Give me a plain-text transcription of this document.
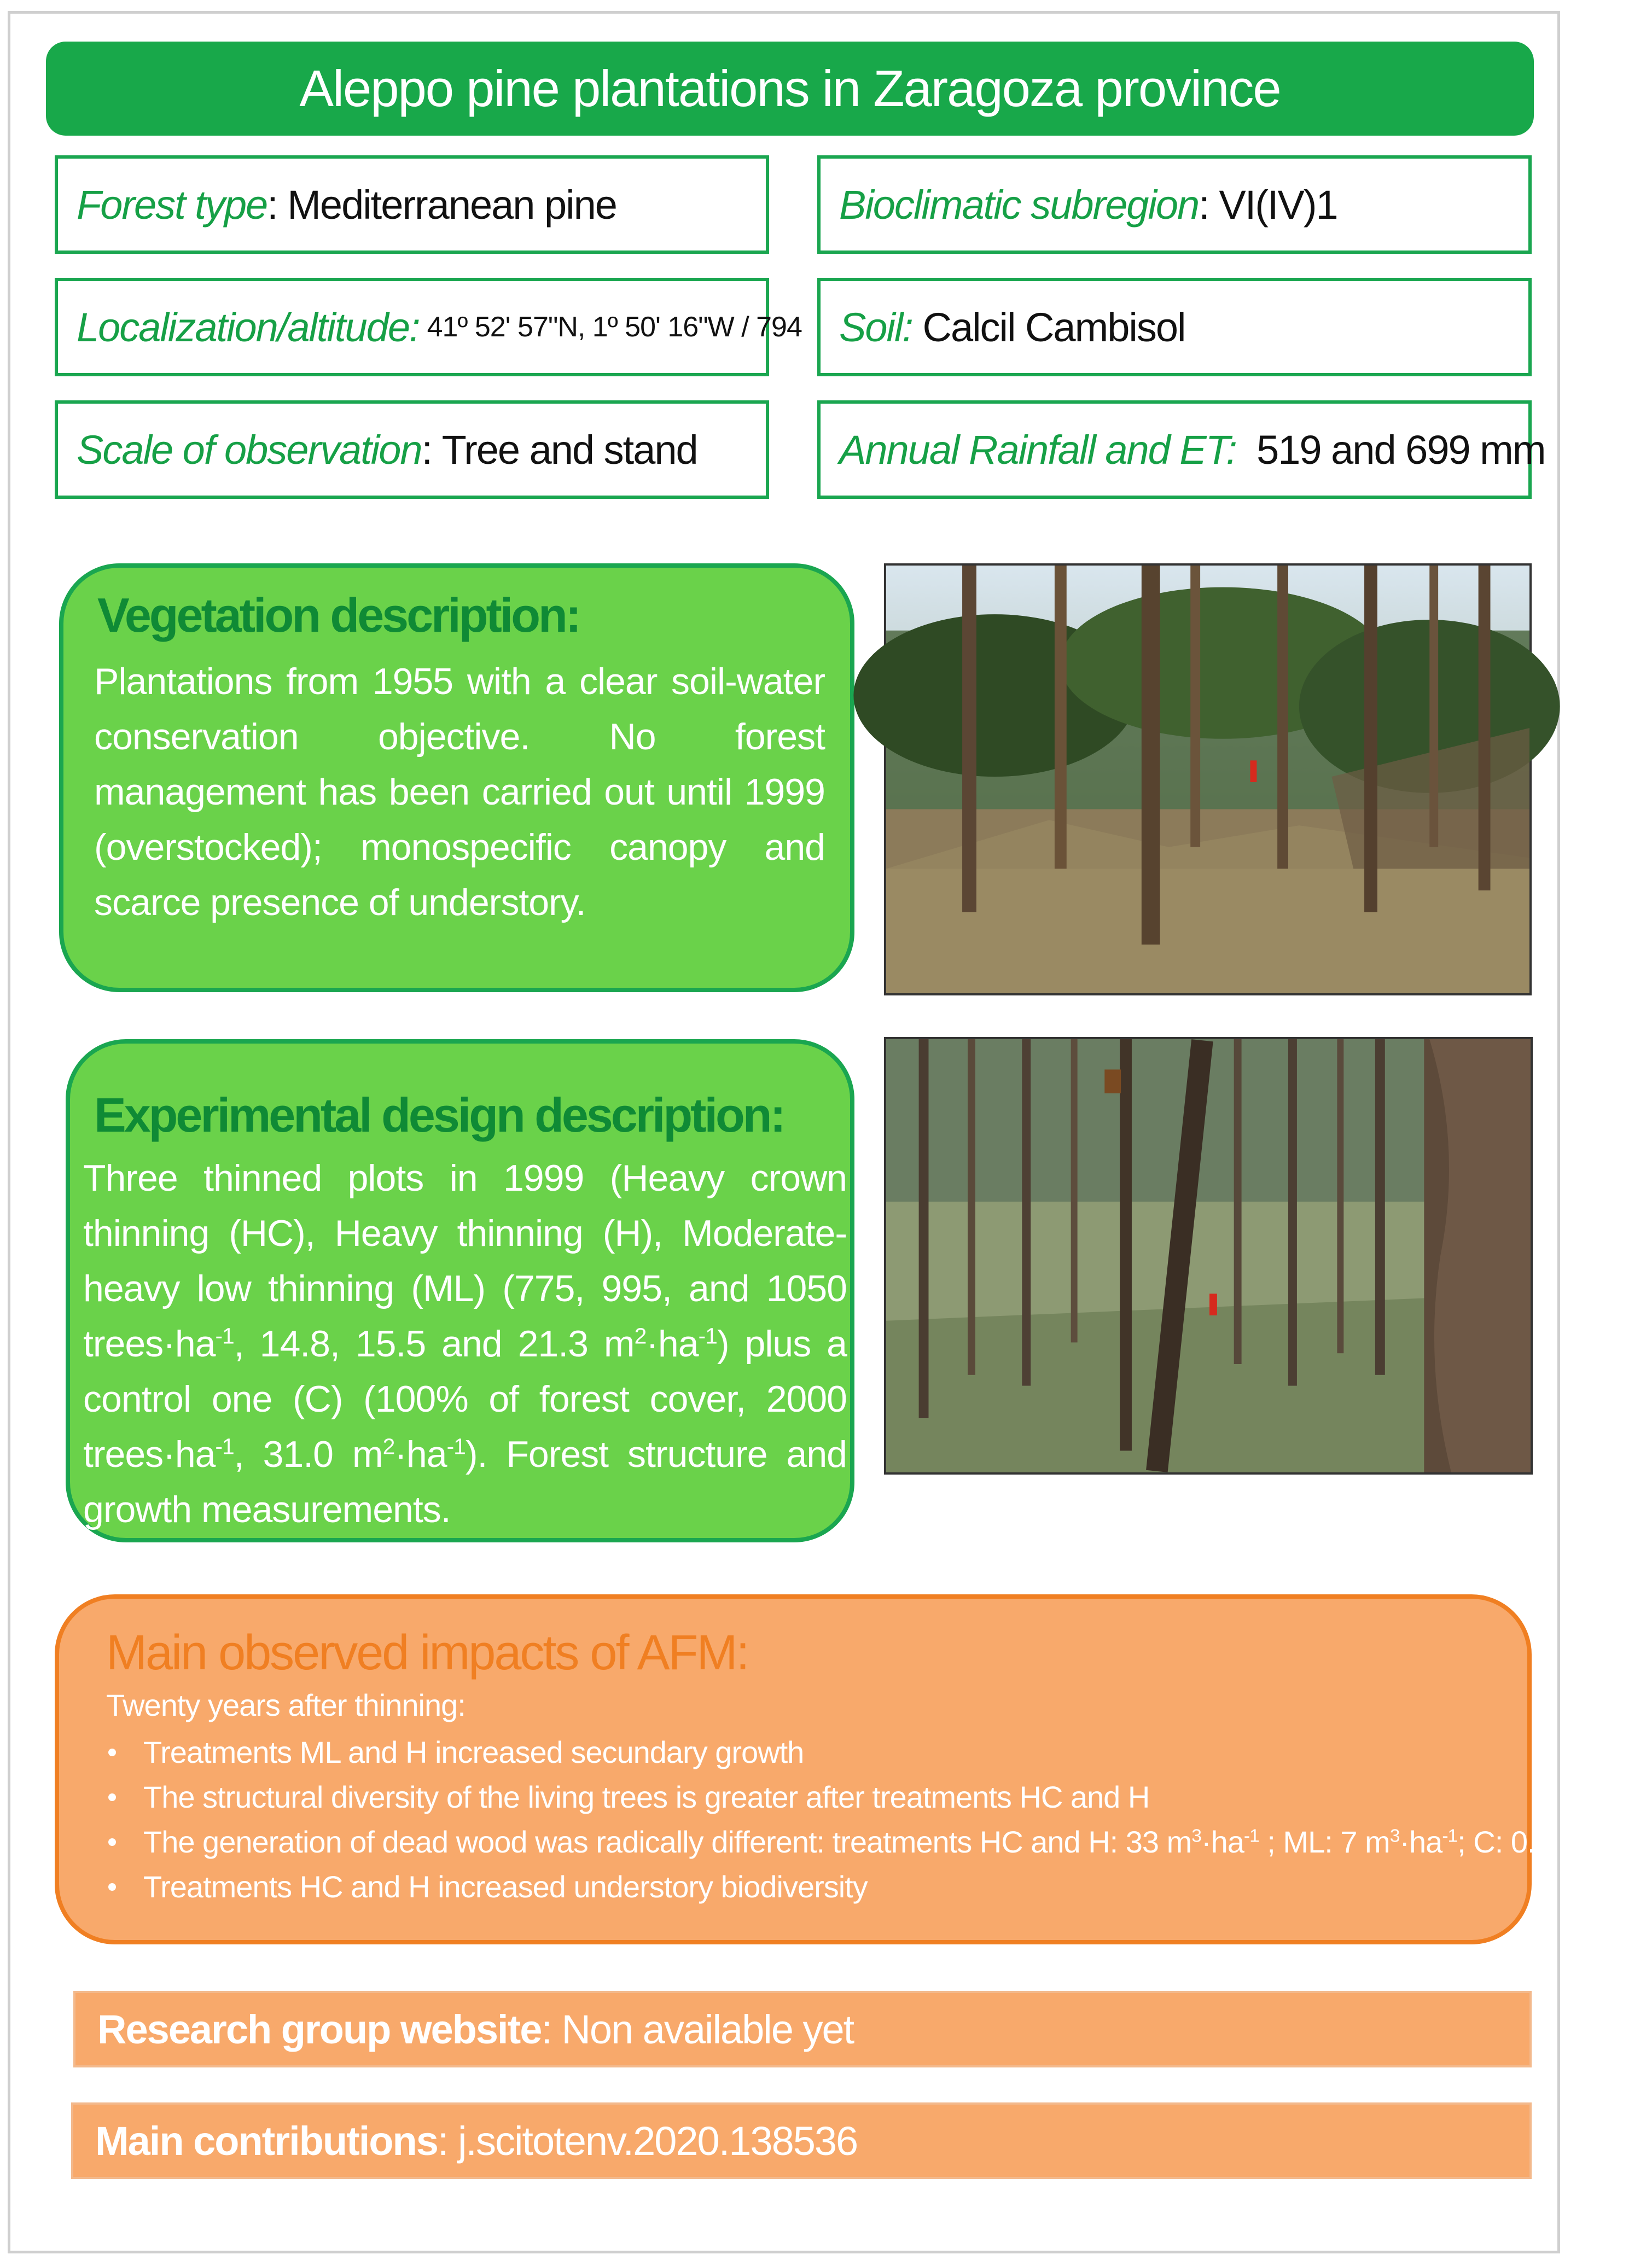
Aleppo pine plantations in Zaragoza province
Forest type : Mediterranean pine	Bioclimatic subregion : VI(IV)1
Localization/altitude: 41º 52' 57"N, 1º 50' 16"W / 794 Soil:
Calcil Cambisol
Scale of observation : Tree and stand	Annual Rainfall and ET:
519 and 699 mm
Vegetation description:
Plantations from 1955 with a clear soil-water conservation objective. No forest management has been carried out until 1999 (overstocked); monospecific canopy and scarce presence of understory.
Experimental design description:
Three thinned plots in 1999 (Heavy crown thinning (HC), Heavy thinning (H), Moderate-heavy low thinning (ML) (775, 995, and 1050 $trees\cdot ha^{-1}$, 14.8, 15.5 and 21.3 $m^2\cdot ha^{-1}$) plus a control one (C) (100% of forest cover, 2000 $trees\cdot ha^{-1}$, 31.0 $m^2\cdot ha^{-1}$). Forest structure and growth measurements.
Main observed impacts of AFM:
Twenty years after thinning:
Treatments ML and H increased secundary growth
The structural diversity of the living trees is greater after treatments HC and H
The generation of dead wood was radically different: treatments HC and H: 33 $m^3\cdot ha^{-1}$ ; ML: 7 $m^3\cdot ha^{-1}$; C: 0.6 $m^3\cdot ha^{-1}$
Treatments HC and H increased understory biodiversity
Research group website : Non available yet
Main contributions : j.scitotenv.2020.138536
